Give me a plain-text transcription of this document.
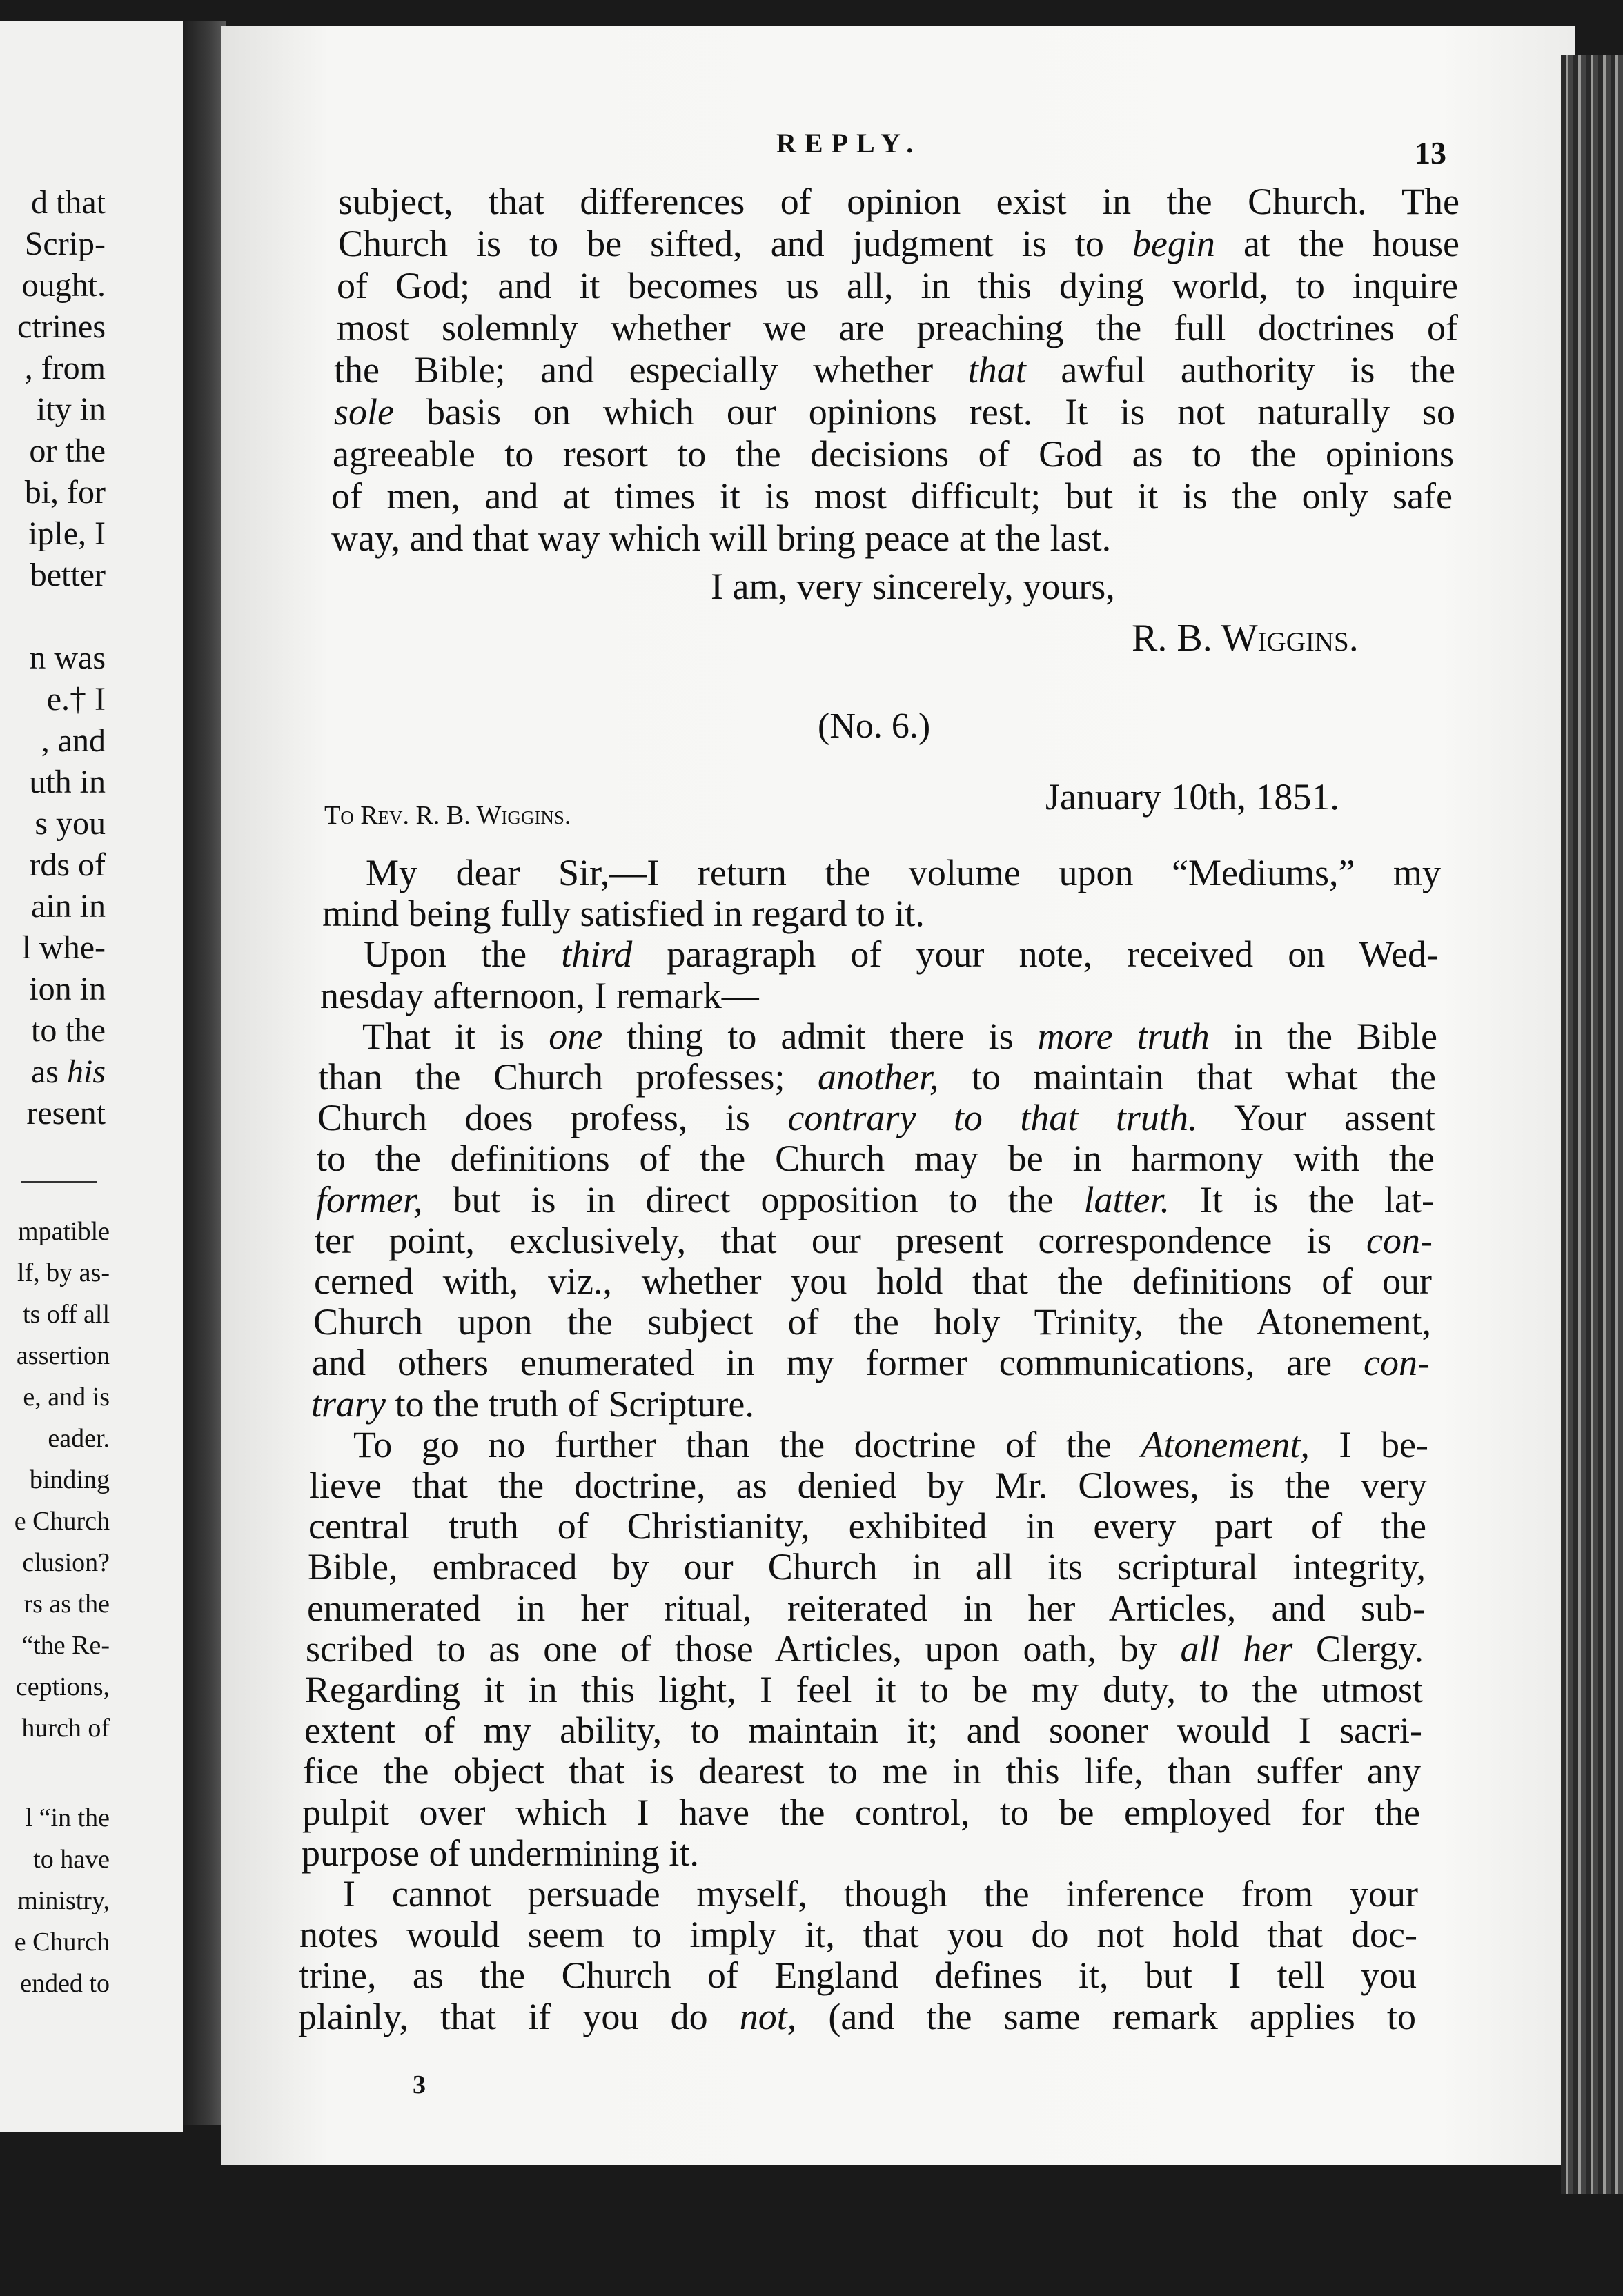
d that
Scrip-
ought.
ctrines
, from
ity in
or the
bi, for
iple, I
better
n was
e.† I
, and
uth in
s you
rds of
ain in
l whe-
ion in
to the
as his
resent
mpatible
lf, by as-
ts off all
assertion
e, and is
eader.
binding
e Church
clusion?
rs as the
“the Re-
ceptions,
hurch of
l “in the
to have
ministry,
e Church
ended to
REPLY.	13
subject, that differences of opinion exist in the Church. The
Church is to be sifted, and judgment is to begin at the house
of God; and it becomes us all, in this dying world, to inquire
most solemnly whether we are preaching the full doctrines of
the Bible; and especially whether that awful authority is the
sole basis on which our opinions rest. It is not naturally so
agreeable to resort to the decisions of God as to the opinions
of men, and at times it is most difficult; but it is the only safe
way, and that way which will bring peace at the last.
I am, very sincerely, yours,
R. B. Wiggins.
(No. 6.)
January 10th, 1851.
To Rev. R. B. Wiggins.
My dear Sir,—I return the volume upon “Mediums,” my
mind being fully satisfied in regard to it.
Upon the third paragraph of your note, received on Wed-
nesday afternoon, I remark—
That it is one thing to admit there is more truth in the Bible
than the Church professes; another, to maintain that what the
Church does profess, is contrary to that truth. Your assent
to the definitions of the Church may be in harmony with the
former, but is in direct opposition to the latter. It is the lat-
ter point, exclusively, that our present correspondence is con-
cerned with, viz., whether you hold that the definitions of our
Church upon the subject of the holy Trinity, the Atonement,
and others enumerated in my former communications, are con-
trary to the truth of Scripture.
To go no further than the doctrine of the Atonement, I be-
lieve that the doctrine, as denied by Mr. Clowes, is the very
central truth of Christianity, exhibited in every part of the
Bible, embraced by our Church in all its scriptural integrity,
enumerated in her ritual, reiterated in her Articles, and sub-
scribed to as one of those Articles, upon oath, by all her Clergy.
Regarding it in this light, I feel it to be my duty, to the utmost
extent of my ability, to maintain it; and sooner would I sacri-
fice the object that is dearest to me in this life, than suffer any
pulpit over which I have the control, to be employed for the
purpose of undermining it.
I cannot persuade myself, though the inference from your
notes would seem to imply it, that you do not hold that doc-
trine, as the Church of England defines it, but I tell you
plainly, that if you do not, (and the same remark applies to
3
